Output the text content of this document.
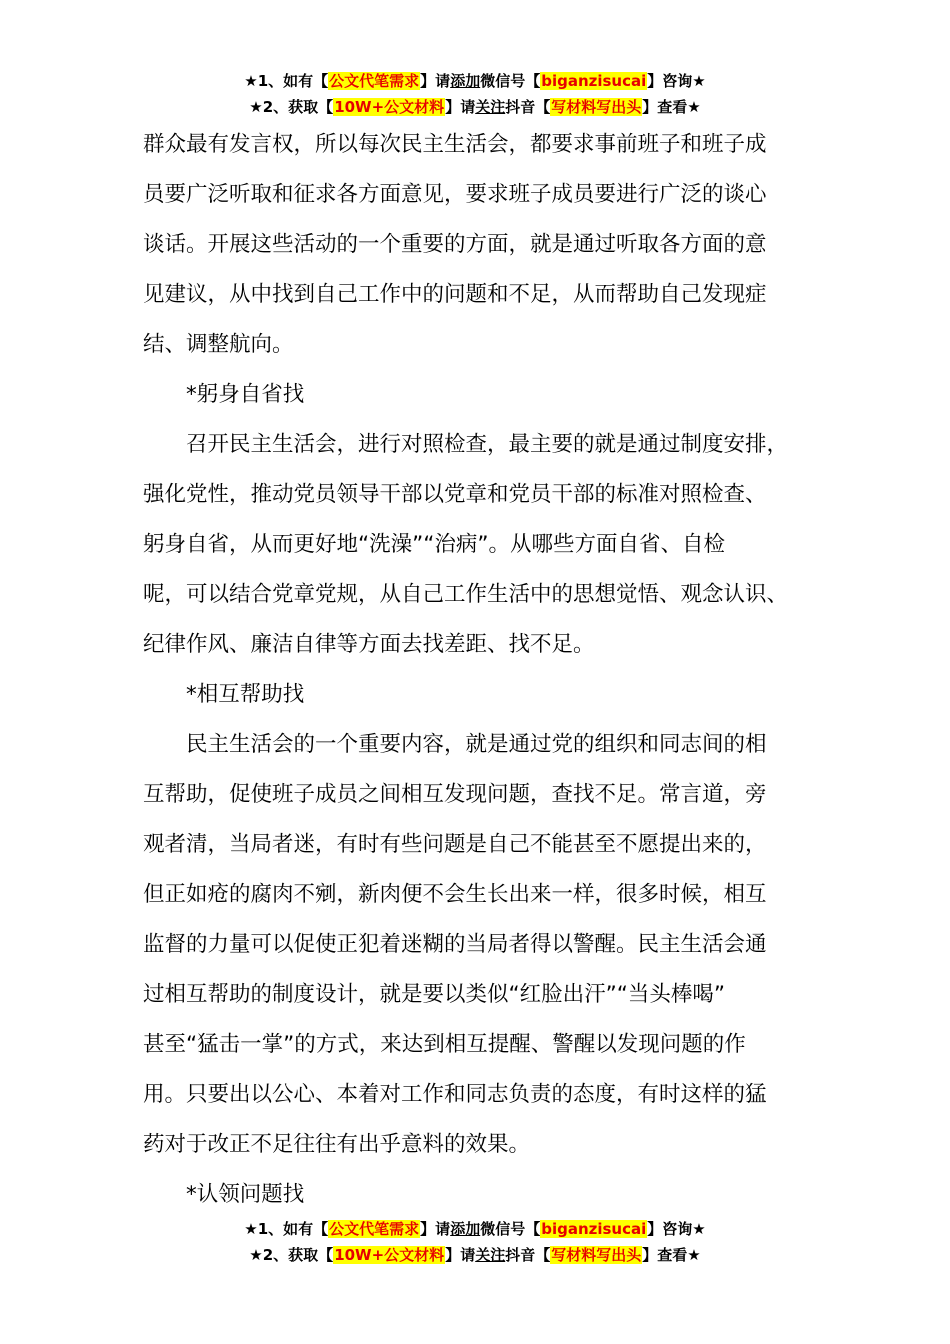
★1、如有【公文代笔需求】请添加微信号【biganzisucai】咨询★
★2、获取【10W+公文材料】请关注抖音【写材料写出头】查看★

群众最有发言权，所以每次民主生活会，都要求事前班子和班子成
员要广泛听取和征求各方面意见，要求班子成员要进行广泛的谈心
谈话。开展这些活动的一个重要的方面，就是通过听取各方面的意
见建议，从中找到自己工作中的问题和不足，从而帮助自己发现症
结、调整航向。

*躬身自省找

召开民主生活会，进行对照检查，最主要的就是通过制度安排，
强化党性，推动党员领导干部以党章和党员干部的标准对照检查、
躬身自省，从而更好地“洗澡”“治病”。从哪些方面自省、自检
呢，可以结合党章党规，从自己工作生活中的思想觉悟、观念认识、
纪律作风、廉洁自律等方面去找差距、找不足。

*相互帮助找

民主生活会的一个重要内容，就是通过党的组织和同志间的相
互帮助，促使班子成员之间相互发现问题，查找不足。常言道，旁
观者清，当局者迷，有时有些问题是自己不能甚至不愿提出来的，
但正如疮的腐肉不剜，新肉便不会生长出来一样，很多时候，相互
监督的力量可以促使正犯着迷糊的当局者得以警醒。民主生活会通
过相互帮助的制度设计，就是要以类似“红脸出汗”“当头棒喝”
甚至“猛击一掌”的方式，来达到相互提醒、警醒以发现问题的作
用。只要出以公心、本着对工作和同志负责的态度，有时这样的猛
药对于改正不足往往有出乎意料的效果。

*认领问题找

★1、如有【公文代笔需求】请添加微信号【biganzisucai】咨询★
★2、获取【10W+公文材料】请关注抖音【写材料写出头】查看★
